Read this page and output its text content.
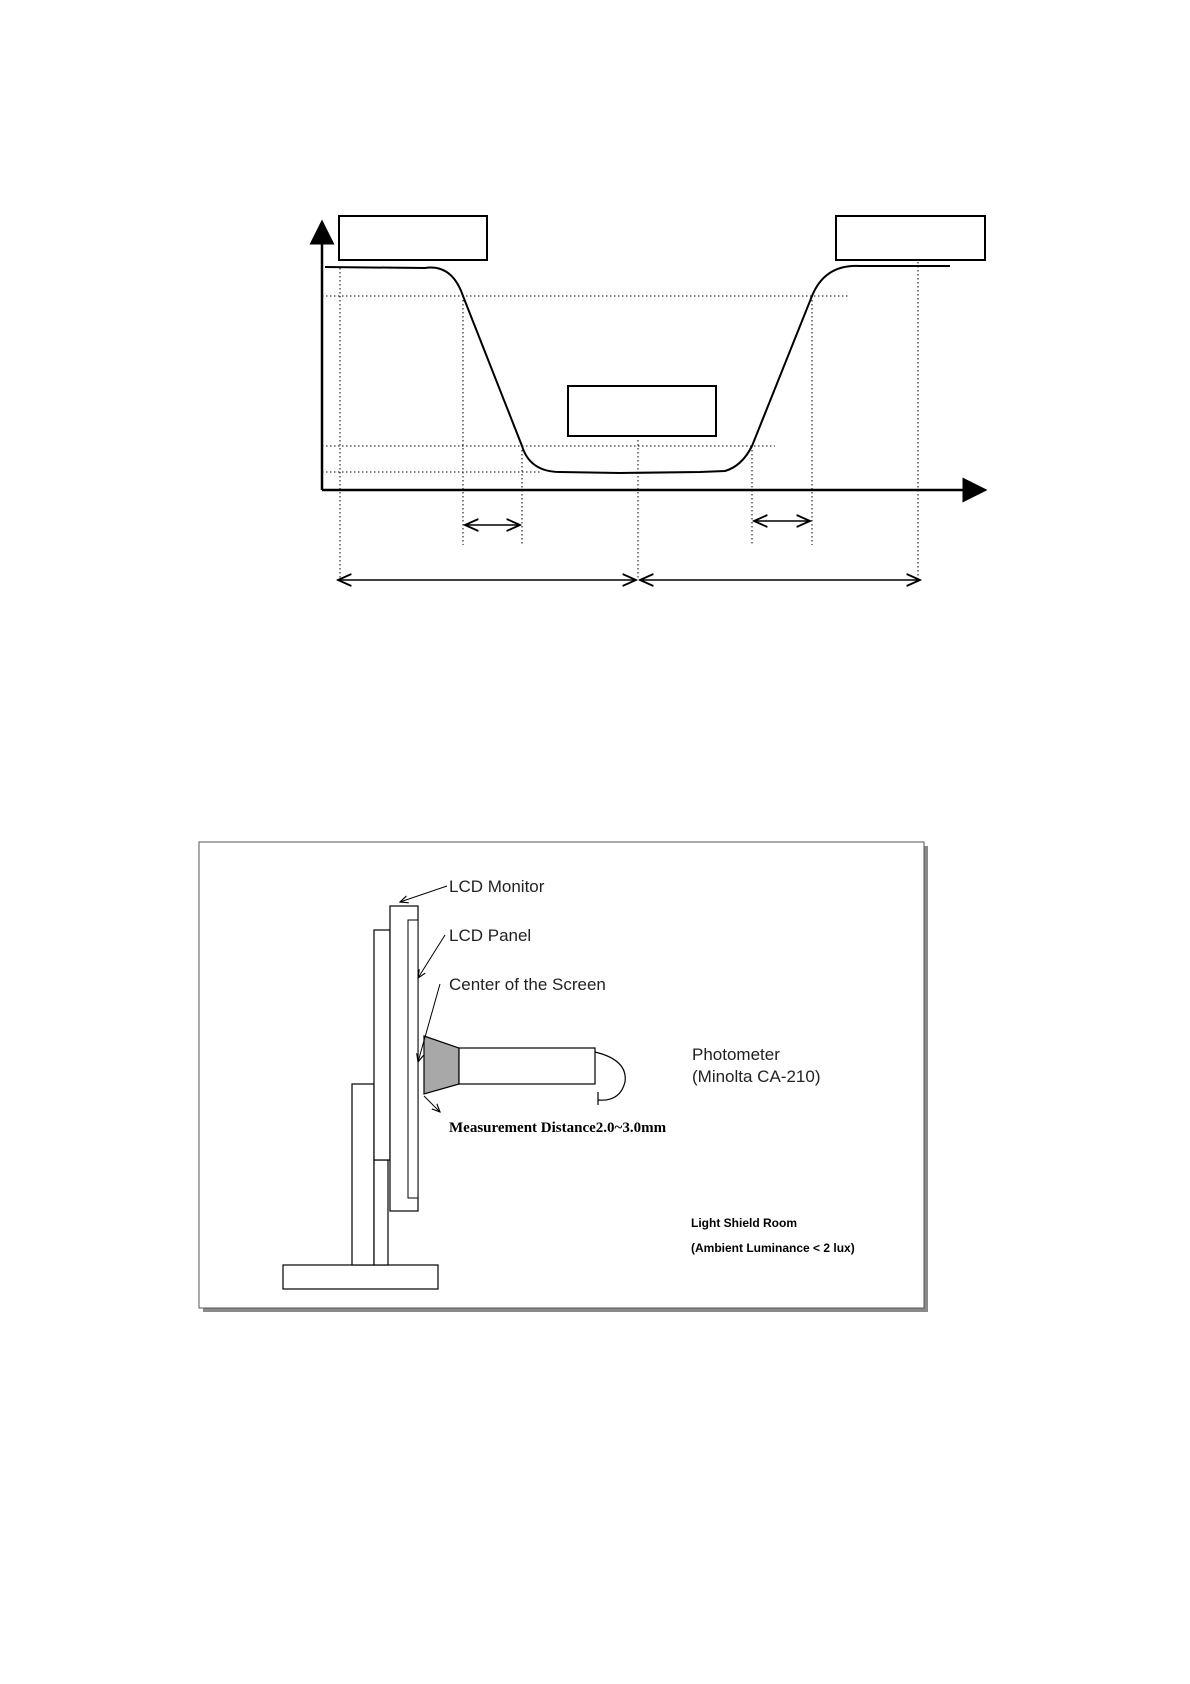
LCD Monitor
LCD Panel
Center of the Screen
Photometer
(Minolta CA-210)
Measurement Distance2.0~3.0mm
Light Shield Room
(Ambient Luminance < 2 lux)
